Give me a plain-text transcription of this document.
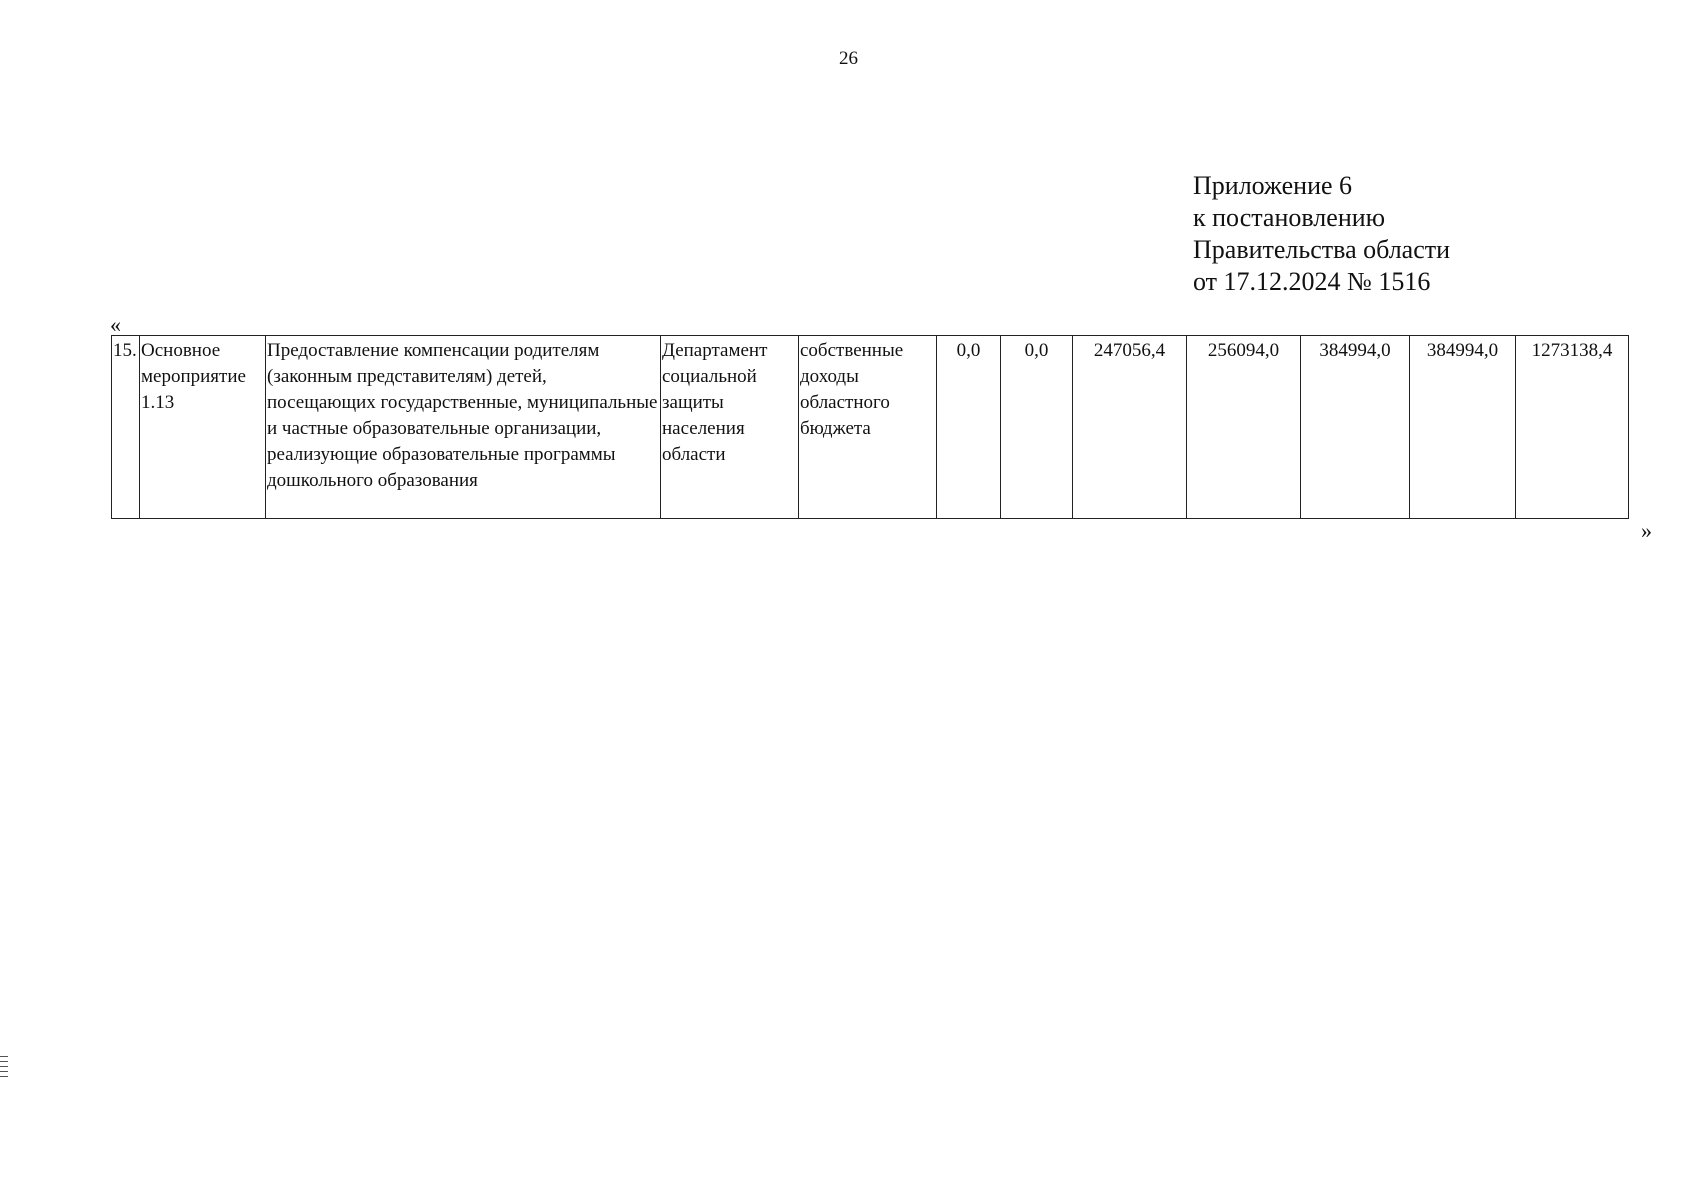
26
Приложение 6
к постановлению
Правительства области
от 17.12.2024 № 1516
«
15.	Основное мероприятие 1.13	Предоставление компенсации родителям (законным представителям) детей, посещающих государственные, муниципальные и частные образовательные организации, реализующие образовательные программы дошкольного образования	Департамент социальной защиты населения области	собственные доходы областного бюджета	0,0	0,0	247056,4	256094,0	384994,0	384994,0	1273138,4
»
